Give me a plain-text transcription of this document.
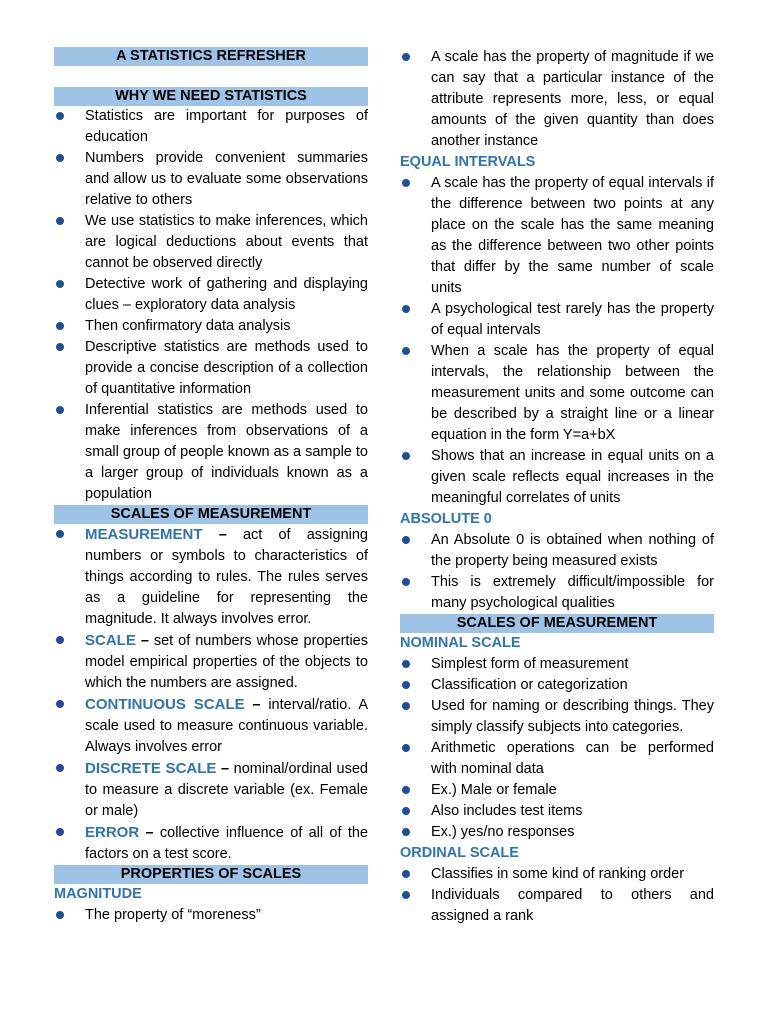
A STATISTICS REFRESHER
WHY WE NEED STATISTICS
Statistics are important for purposes of education
Numbers provide convenient summaries and allow us to evaluate some observations relative to others
We use statistics to make inferences, which are logical deductions about events that cannot be observed directly
Detective work of gathering and displaying clues – exploratory data analysis
Then confirmatory data analysis
Descriptive statistics are methods used to provide a concise description of a collection of quantitative information
Inferential statistics are methods used to make inferences from observations of a small group of people known as a sample to a larger group of individuals known as a population
SCALES OF MEASUREMENT
MEASUREMENT – act of assigning numbers or symbols to characteristics of things according to rules. The rules serves as a guideline for representing the magnitude. It always involves error.
SCALE – set of numbers whose properties model empirical properties of the objects to which the numbers are assigned.
CONTINUOUS SCALE – interval/ratio. A scale used to measure continuous variable. Always involves error
DISCRETE SCALE – nominal/ordinal used to measure a discrete variable (ex. Female or male)
ERROR – collective influence of all of the factors on a test score.
PROPERTIES OF SCALES
MAGNITUDE
The property of “moreness”
A scale has the property of magnitude if we can say that a particular instance of the attribute represents more, less, or equal amounts of the given quantity than does another instance
EQUAL INTERVALS
A scale has the property of equal intervals if the difference between two points at any place on the scale has the same meaning as the difference between two other points that differ by the same number of scale units
A psychological test rarely has the property of equal intervals
When a scale has the property of equal intervals, the relationship between the measurement units and some outcome can be described by a straight line or a linear equation in the form Y=a+bX
Shows that an increase in equal units on a given scale reflects equal increases in the meaningful correlates of units
ABSOLUTE 0
An Absolute 0 is obtained when nothing of the property being measured exists
This is extremely difficult/impossible for many psychological qualities
SCALES OF MEASUREMENT
NOMINAL SCALE
Simplest form of measurement
Classification or categorization
Used for naming or describing things. They simply classify subjects into categories.
Arithmetic operations can be performed with nominal data
Ex.) Male or female
Also includes test items
Ex.) yes/no responses
ORDINAL SCALE
Classifies in some kind of ranking order
Individuals compared to others and assigned a rank
